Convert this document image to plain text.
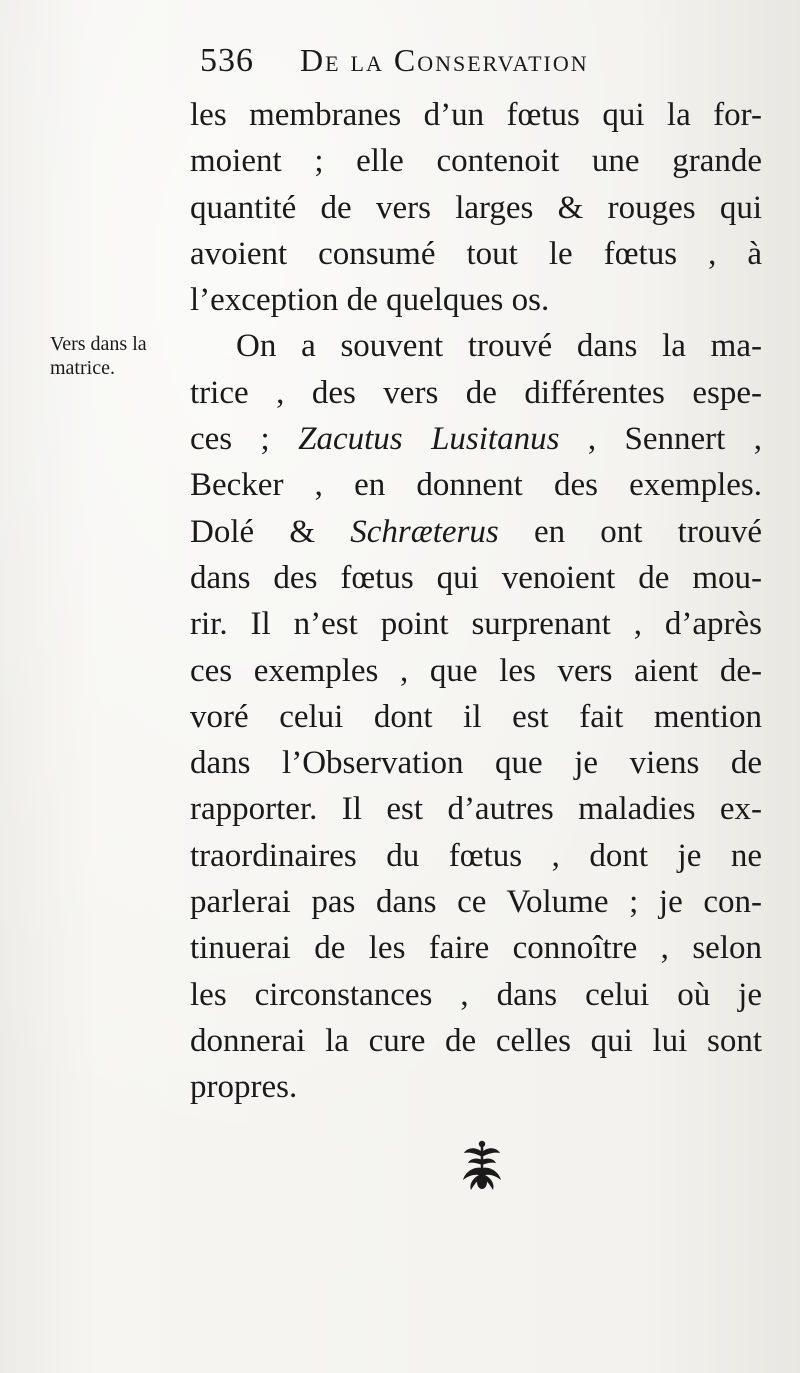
536 De la Conservation
Vers dans la
matrice.
les membranes d’un fœtus qui la for-
moient ; elle contenoit une grande
quantité de vers larges & rouges qui
avoient consumé tout le fœtus , à
l’exception de quelques os.
On a souvent trouvé dans la ma-
trice , des vers de différentes espe-
ces ; Zacutus Lusitanus , Sennert ,
Becker , en donnent des exemples.
Dolé & Schræterus en ont trouvé
dans des fœtus qui venoient de mou-
rir. Il n’est point surprenant , d’après
ces exemples , que les vers aient de-
voré celui dont il est fait mention
dans l’Observation que je viens de
rapporter. Il est d’autres maladies ex-
traordinaires du fœtus , dont je ne
parlerai pas dans ce Volume ; je con-
tinuerai de les faire connoître , selon
les circonstances , dans celui où je
donnerai la cure de celles qui lui sont
propres.
